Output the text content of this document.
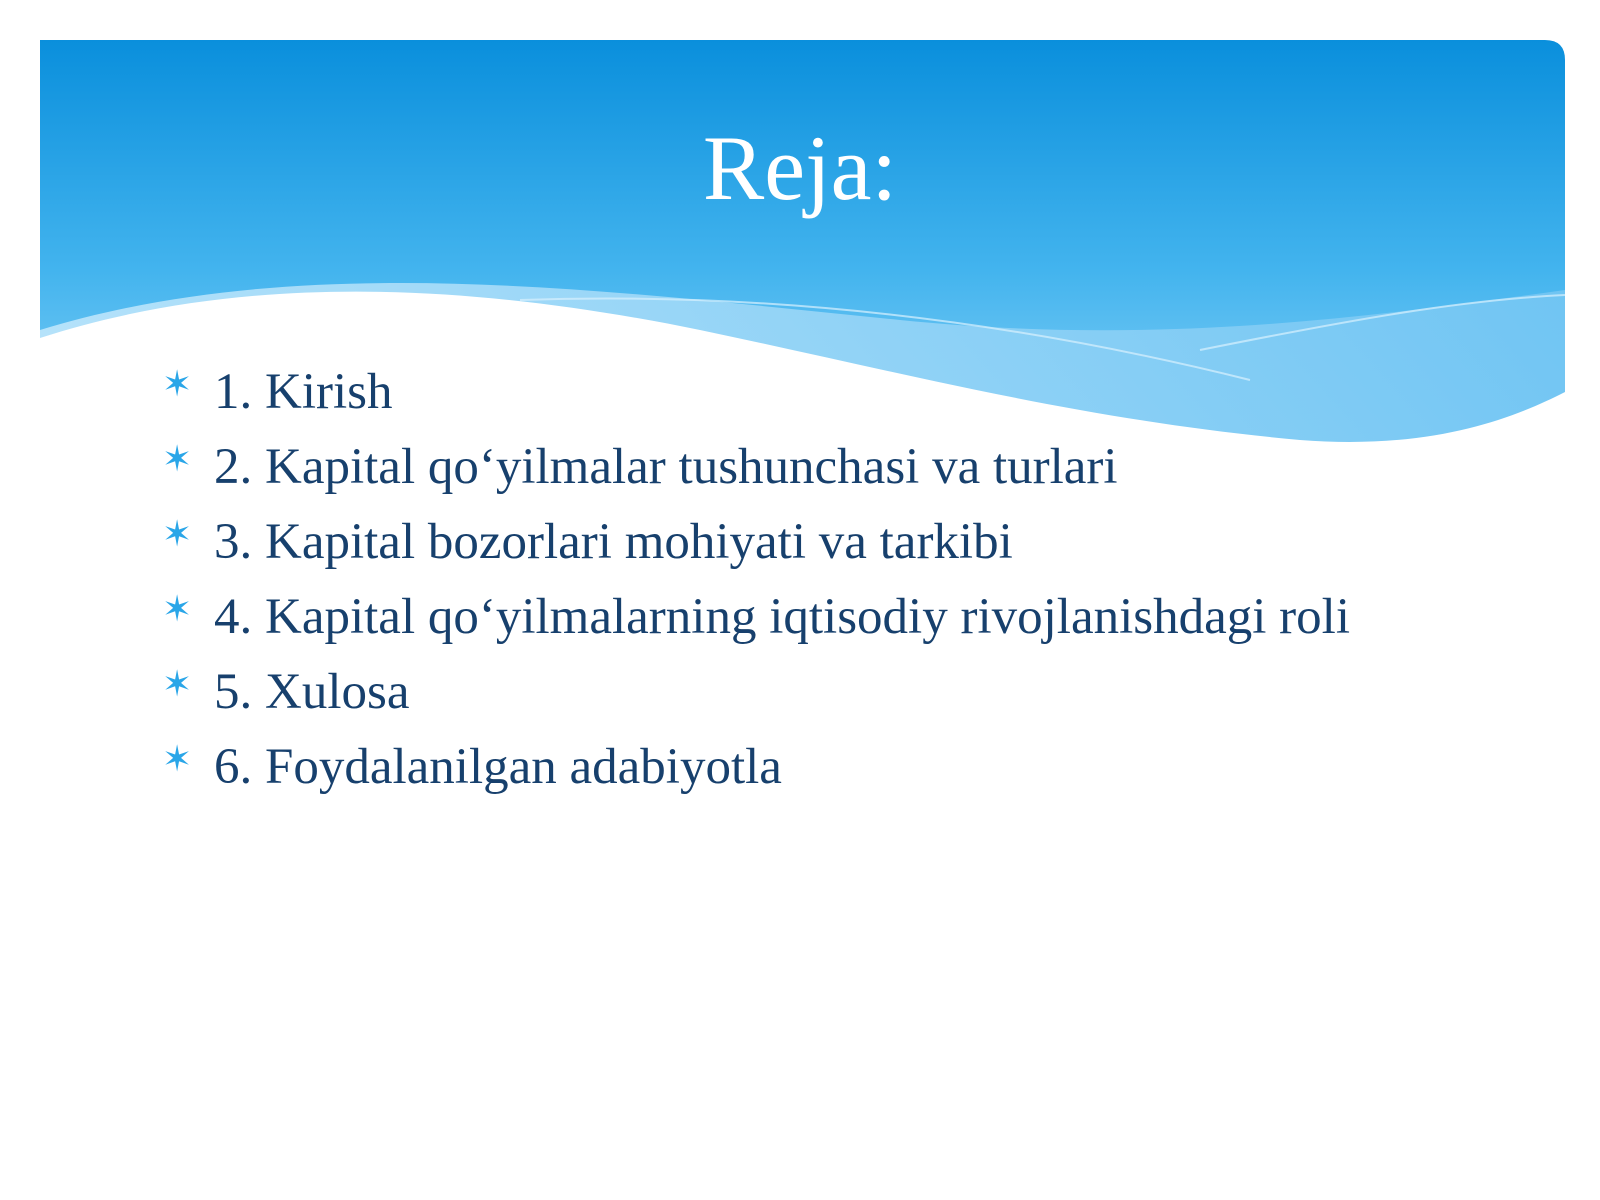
Reja:
✶ 1. Kirish
✶ 2. Kapital qo‘yilmalar tushunchasi va turlari
✶ 3. Kapital bozorlari mohiyati va tarkibi
✶ 4. Kapital qo‘yilmalarning iqtisodiy rivojlanishdagi roli
✶ 5. Xulosa
✶ 6. Foydalanilgan adabiyotla
